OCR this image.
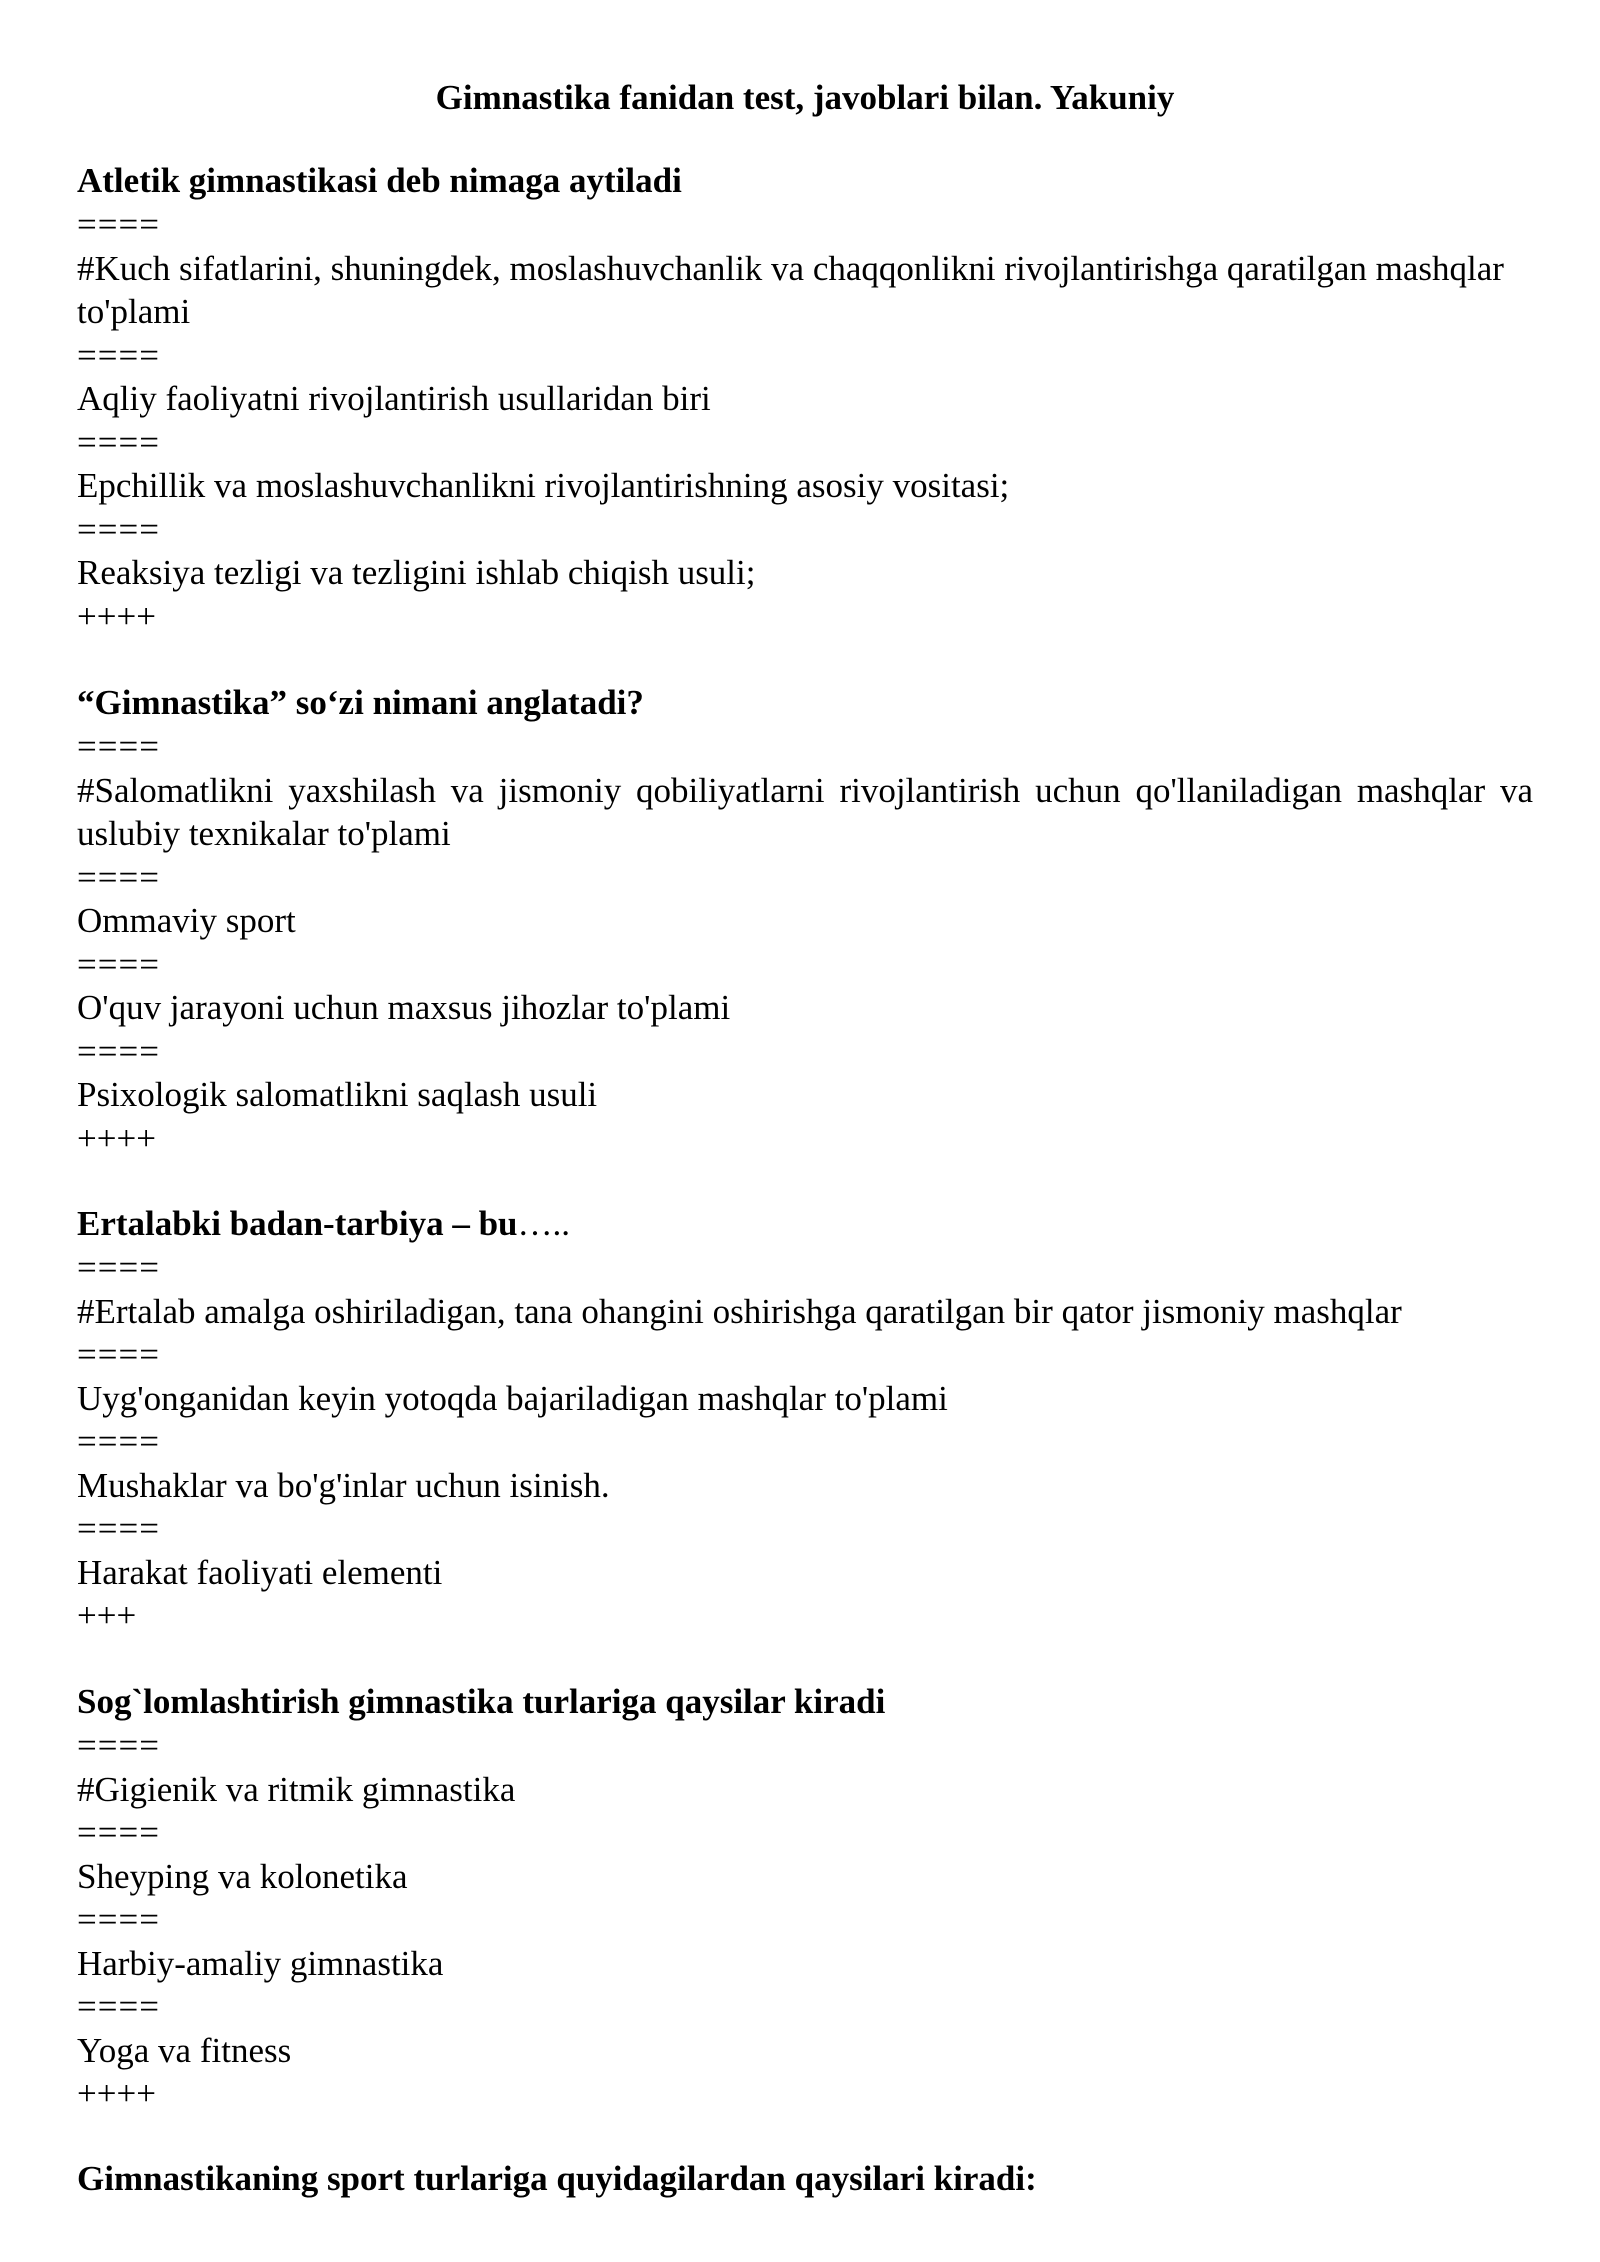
Gimnastika fanidan test, javoblari bilan. Yakuniy

Atletik gimnastikasi deb nimaga aytiladi

====

#Kuch sifatlarini, shuningdek, moslashuvchanlik va chaqqonlikni rivojlantirishga qaratilgan mashqlar to'plami

====

Aqliy faoliyatni rivojlantirish usullaridan biri

====

Epchillik va moslashuvchanlikni rivojlantirishning asosiy vositasi;

====

Reaksiya tezligi va tezligini ishlab chiqish usuli;

++++

“Gimnastika” so‘zi nimani anglatadi?

====

#Salomatlikni yaxshilash va jismoniy qobiliyatlarni rivojlantirish uchun qo'llaniladigan mashqlar va uslubiy texnikalar to'plami

====

Ommaviy sport

====

O'quv jarayoni uchun maxsus jihozlar to'plami

====

Psixologik salomatlikni saqlash usuli

++++

Ertalabki badan-tarbiya – bu…..

====

#Ertalab amalga oshiriladigan, tana ohangini oshirishga qaratilgan bir qator jismoniy mashqlar

====

Uyg'onganidan keyin yotoqda bajariladigan mashqlar to'plami

====

Mushaklar va bo'g'inlar uchun isinish.

====

Harakat faoliyati elementi

+++

Sog`lomlashtirish gimnastika turlariga qaysilar kiradi

====

#Gigienik va ritmik gimnastika

====

Sheyping va kolonetika

====

Harbiy-amaliy gimnastika

====

Yoga va fitness

++++

Gimnastikaning sport turlariga quyidagilardan qaysilari kiradi:
